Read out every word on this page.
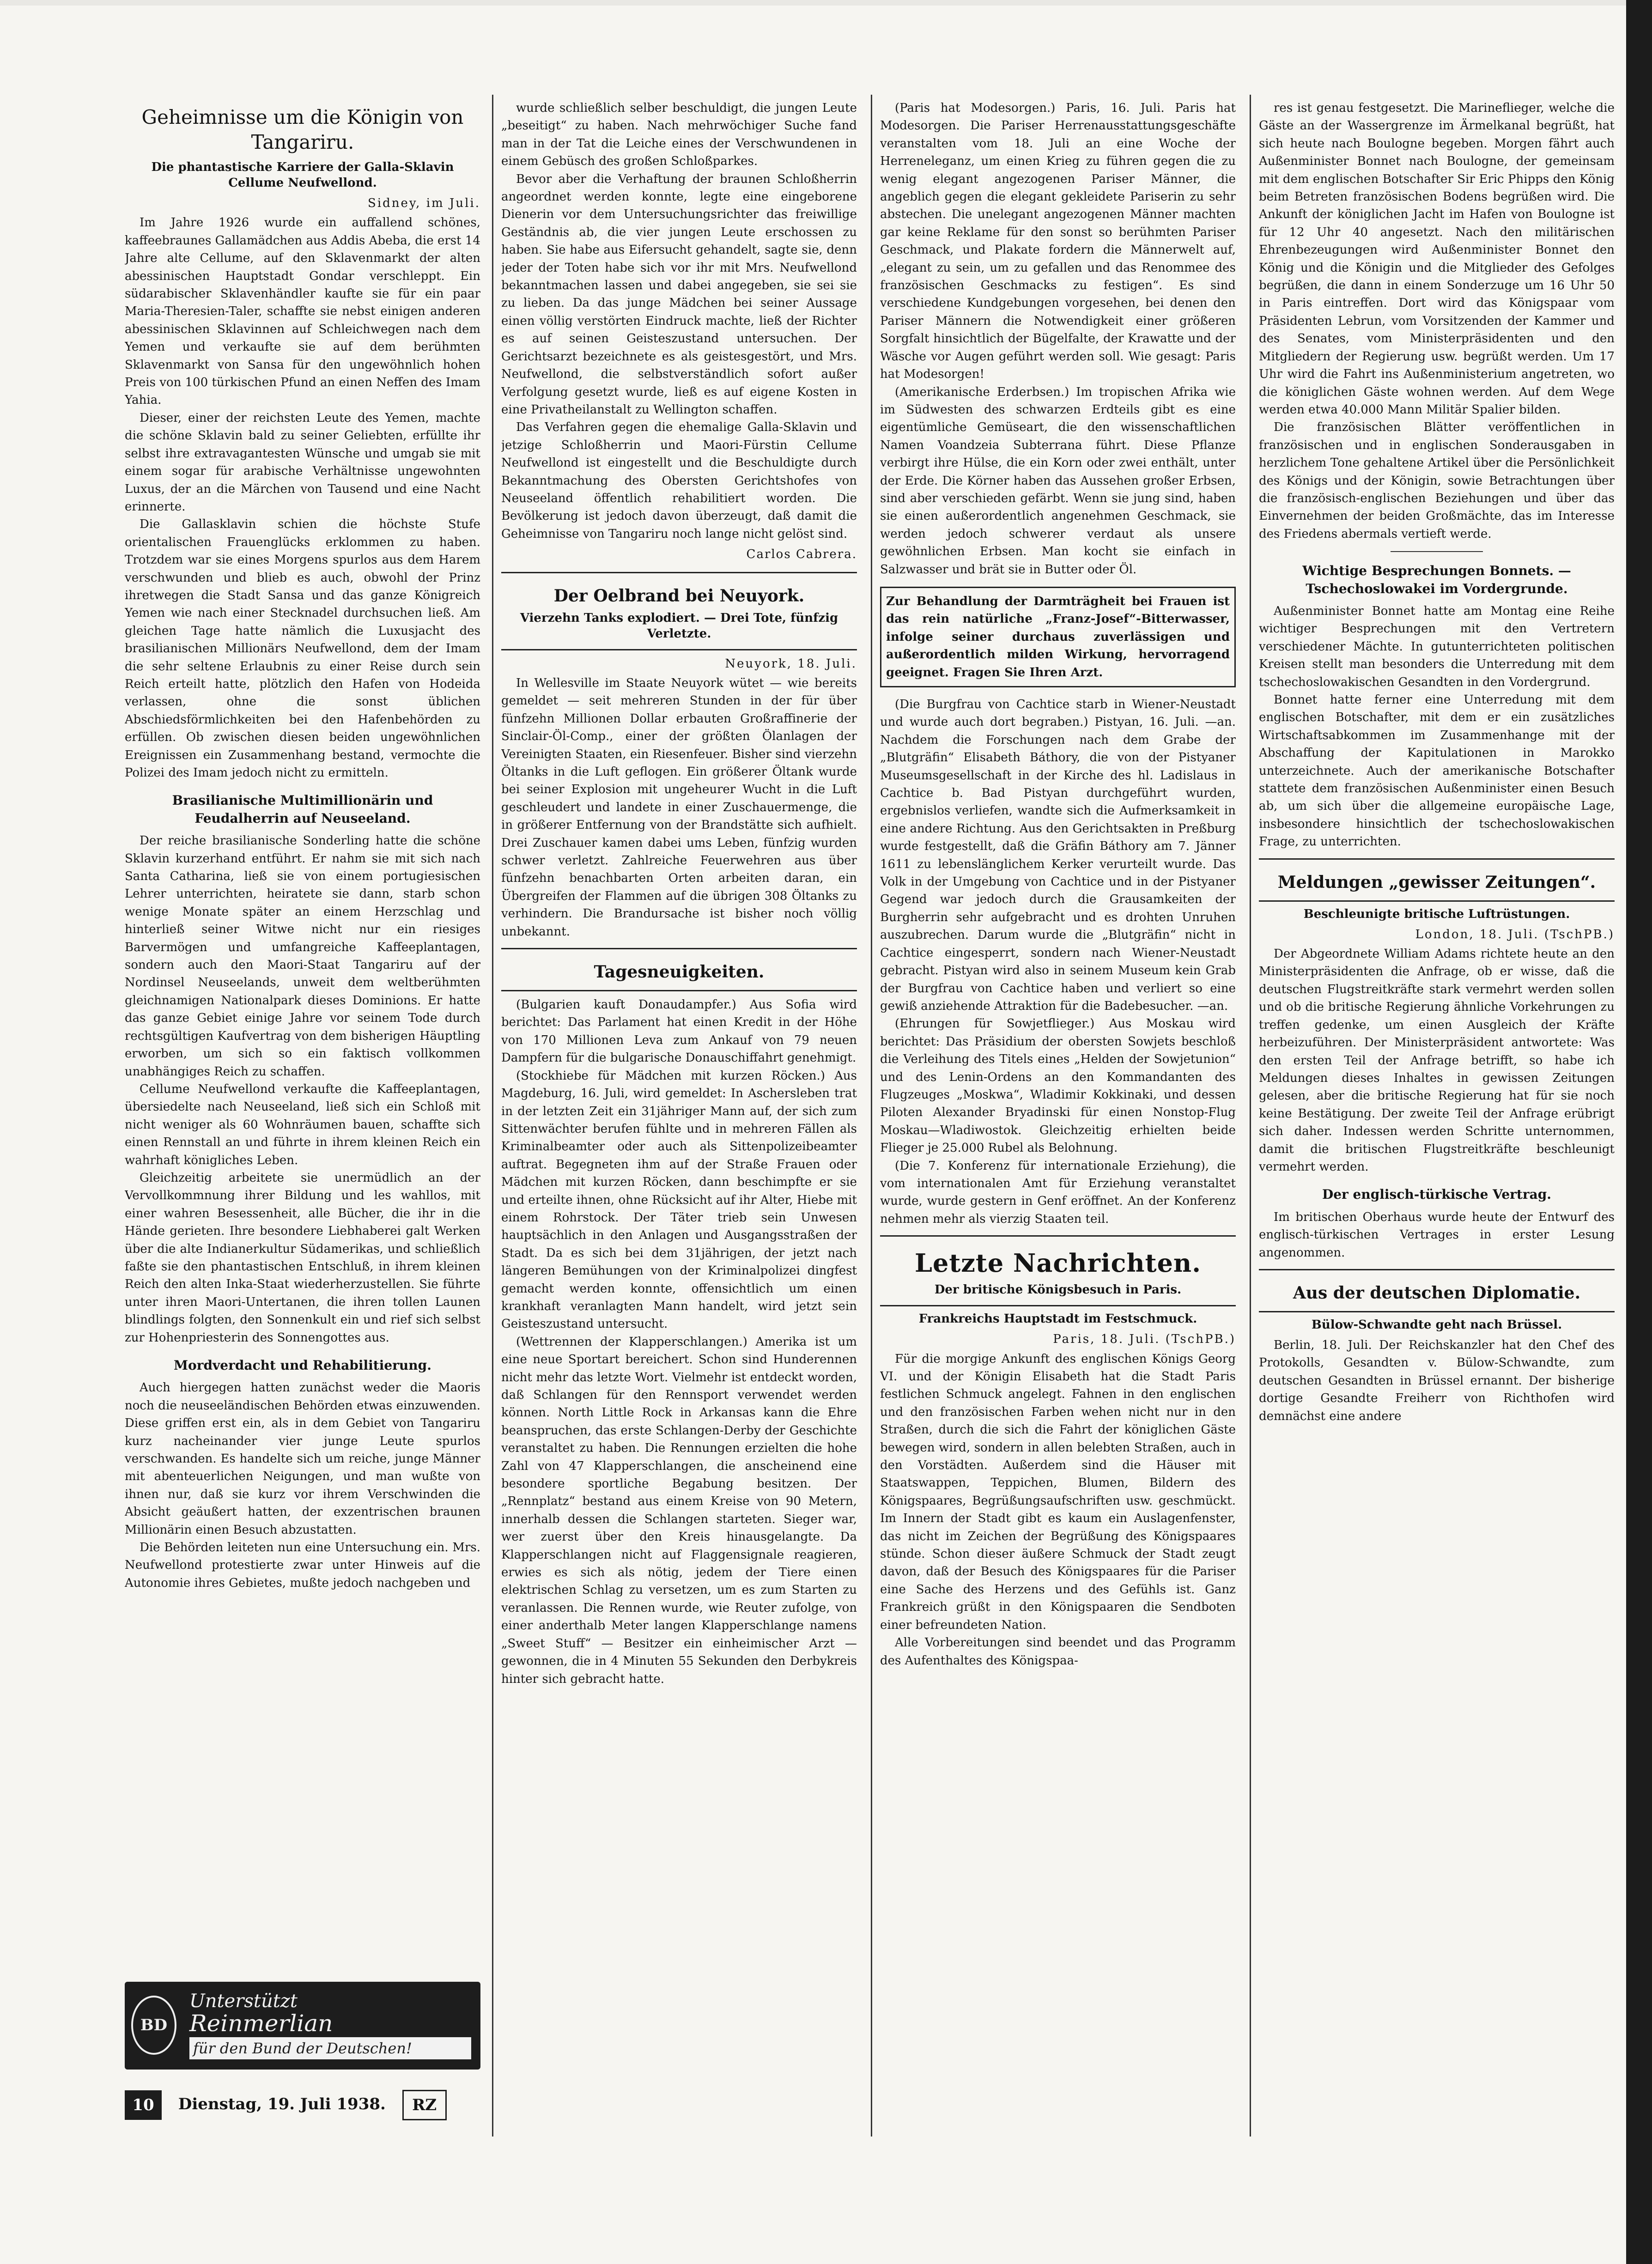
Geheimnisse um die Königin von Tangariru.
Die phantastische Karriere der Galla-Sklavin Cellume Neufwellond.
Sidney, im Juli.

Im Jahre 1926 wurde ein auffallend schönes, kaffeebraunes Gallamädchen aus Addis Abeba, die erst 14 Jahre alte Cellume, auf den Sklavenmarkt der alten abessinischen Hauptstadt Gondar verschleppt. Ein südarabischer Sklavenhändler kaufte sie für ein paar Maria-Theresien-Taler, schaffte sie nebst einigen anderen abessinischen Sklavinnen auf Schleichwegen nach dem Yemen und verkaufte sie auf dem berühmten Sklavenmarkt von Sansa für den ungewöhnlich hohen Preis von 100 türkischen Pfund an einen Neffen des Imam Yahia.

Dieser, einer der reichsten Leute des Yemen, machte die schöne Sklavin bald zu seiner Geliebten, erfüllte ihr selbst ihre extravagantesten Wünsche und umgab sie mit einem sogar für arabische Verhältnisse ungewohnten Luxus, der an die Märchen von Tausend und eine Nacht erinnerte.

Die Gallasklavin schien die höchste Stufe orientalischen Frauenglücks erklommen zu haben. Trotzdem war sie eines Morgens spurlos aus dem Harem verschwunden und blieb es auch, obwohl der Prinz ihretwegen die Stadt Sansa und das ganze Königreich Yemen wie nach einer Stecknadel durchsuchen ließ. Am gleichen Tage hatte nämlich die Luxusjacht des brasilianischen Millionärs Neufwellond, dem der Imam die sehr seltene Erlaubnis zu einer Reise durch sein Reich erteilt hatte, plötzlich den Hafen von Hodeida verlassen, ohne die sonst üblichen Abschiedsförmlichkeiten bei den Hafenbehörden zu erfüllen. Ob zwischen diesen beiden ungewöhnlichen Ereignissen ein Zusammenhang bestand, vermochte die Polizei des Imam jedoch nicht zu ermitteln.

Brasilianische Multimillionärin und Feudalherrin auf Neuseeland.

Der reiche brasilianische Sonderling hatte die schöne Sklavin kurzerhand entführt. Er nahm sie mit sich nach Santa Catharina, ließ sie von einem portugiesischen Lehrer unterrichten, heiratete sie dann, starb schon wenige Monate später an einem Herzschlag und hinterließ seiner Witwe nicht nur ein riesiges Barvermögen und umfangreiche Kaffeeplantagen, sondern auch den Maori-Staat Tangariru auf der Nordinsel Neuseelands, unweit dem weltberühmten gleichnamigen Nationalpark dieses Dominions. Er hatte das ganze Gebiet einige Jahre vor seinem Tode durch rechtsgültigen Kaufvertrag von dem bisherigen Häuptling erworben, um sich so ein faktisch vollkommen unabhängiges Reich zu schaffen.

Cellume Neufwellond verkaufte die Kaffeeplantagen, übersiedelte nach Neuseeland, ließ sich ein Schloß mit nicht weniger als 60 Wohnräumen bauen, schaffte sich einen Rennstall an und führte in ihrem kleinen Reich ein wahrhaft königliches Leben.

Gleichzeitig arbeitete sie unermüdlich an der Vervollkommnung ihrer Bildung und les wahllos, mit einer wahren Besessenheit, alle Bücher, die ihr in die Hände gerieten. Ihre besondere Liebhaberei galt Werken über die alte Indianerkultur Südamerikas, und schließlich faßte sie den phantastischen Entschluß, in ihrem kleinen Reich den alten Inka-Staat wiederherzustellen. Sie führte unter ihren Maori-Untertanen, die ihren tollen Launen blindlings folgten, den Sonnenkult ein und rief sich selbst zur Hohenpriesterin des Sonnengottes aus.

Mordverdacht und Rehabilitierung.

Auch hiergegen hatten zunächst weder die Maoris noch die neuseeländischen Behörden etwas einzuwenden. Diese griffen erst ein, als in dem Gebiet von Tangariru kurz nacheinander vier junge Leute spurlos verschwanden. Es handelte sich um reiche, junge Männer mit abenteuerlichen Neigungen, und man wußte von ihnen nur, daß sie kurz vor ihrem Verschwinden die Absicht geäußert hatten, der exzentrischen braunen Millionärin einen Besuch abzustatten.

Die Behörden leiteten nun eine Untersuchung ein. Mrs. Neufwellond protestierte zwar unter Hinweis auf die Autonomie ihres Gebietes, mußte jedoch nachgeben und

wurde schließlich selber beschuldigt, die jungen Leute „beseitigt“ zu haben. Nach mehrwöchiger Suche fand man in der Tat die Leiche eines der Verschwundenen in einem Gebüsch des großen Schloßparkes.

Bevor aber die Verhaftung der braunen Schloßherrin angeordnet werden konnte, legte eine eingeborene Dienerin vor dem Untersuchungsrichter das freiwillige Geständnis ab, die vier jungen Leute erschossen zu haben. Sie habe aus Eifersucht gehandelt, sagte sie, denn jeder der Toten habe sich vor ihr mit Mrs. Neufwellond bekanntmachen lassen und dabei angegeben, sie sei sie zu lieben. Da das junge Mädchen bei seiner Aussage einen völlig verstörten Eindruck machte, ließ der Richter es auf seinen Geisteszustand untersuchen. Der Gerichtsarzt bezeichnete es als geistesgestört, und Mrs. Neufwellond, die selbstverständlich sofort außer Verfolgung gesetzt wurde, ließ es auf eigene Kosten in eine Privatheilanstalt zu Wellington schaffen.

Das Verfahren gegen die ehemalige Galla-Sklavin und jetzige Schloßherrin und Maori-Fürstin Cellume Neufwellond ist eingestellt und die Beschuldigte durch Bekanntmachung des Obersten Gerichtshofes von Neuseeland öffentlich rehabilitiert worden. Die Bevölkerung ist jedoch davon überzeugt, daß damit die Geheimnisse von Tangariru noch lange nicht gelöst sind.

Carlos Cabrera.
Der Oelbrand bei Neuyork.
Vierzehn Tanks explodiert. — Drei Tote, fünfzig Verletzte.
Neuyork, 18. Juli.

In Wellesville im Staate Neuyork wütet — wie bereits gemeldet — seit mehreren Stunden in der für über fünfzehn Millionen Dollar erbauten Großraffinerie der Sinclair-Öl-Comp., einer der größten Ölanlagen der Vereinigten Staaten, ein Riesenfeuer. Bisher sind vierzehn Öltanks in die Luft geflogen. Ein größerer Öltank wurde bei seiner Explosion mit ungeheurer Wucht in die Luft geschleudert und landete in einer Zuschauermenge, die in größerer Entfernung von der Brandstätte sich aufhielt. Drei Zuschauer kamen dabei ums Leben, fünfzig wurden schwer verletzt. Zahlreiche Feuerwehren aus über fünfzehn benachbarten Orten arbeiten daran, ein Übergreifen der Flammen auf die übrigen 308 Öltanks zu verhindern. Die Brandursache ist bisher noch völlig unbekannt.

Tagesneuigkeiten.

(Bulgarien kauft Donaudampfer.) Aus Sofia wird berichtet: Das Parlament hat einen Kredit in der Höhe von 170 Millionen Leva zum Ankauf von 79 neuen Dampfern für die bulgarische Donauschiffahrt genehmigt.

(Stockhiebe für Mädchen mit kurzen Röcken.) Aus Magdeburg, 16. Juli, wird gemeldet: In Aschersleben trat in der letzten Zeit ein 31jähriger Mann auf, der sich zum Sittenwächter berufen fühlte und in mehreren Fällen als Kriminalbeamter oder auch als Sittenpolizeibeamter auftrat. Begegneten ihm auf der Straße Frauen oder Mädchen mit kurzen Röcken, dann beschimpfte er sie und erteilte ihnen, ohne Rücksicht auf ihr Alter, Hiebe mit einem Rohrstock. Der Täter trieb sein Unwesen hauptsächlich in den Anlagen und Ausgangsstraßen der Stadt. Da es sich bei dem 31jährigen, der jetzt nach längeren Bemühungen von der Kriminalpolizei dingfest gemacht werden konnte, offensichtlich um einen krankhaft veranlagten Mann handelt, wird jetzt sein Geisteszustand untersucht.

(Wettrennen der Klapperschlangen.) Amerika ist um eine neue Sportart bereichert. Schon sind Hunderennen nicht mehr das letzte Wort. Vielmehr ist entdeckt worden, daß Schlangen für den Rennsport verwendet werden können. North Little Rock in Arkansas kann die Ehre beanspruchen, das erste Schlangen-Derby der Geschichte veranstaltet zu haben. Die Rennungen erzielten die hohe Zahl von 47 Klapperschlangen, die anscheinend eine besondere sportliche Begabung besitzen. Der „Rennplatz“ bestand aus einem Kreise von 90 Metern, innerhalb dessen die Schlangen starteten. Sieger war, wer zuerst über den Kreis hinausgelangte. Da Klapperschlangen nicht auf Flaggensignale reagieren, erwies es sich als nötig, jedem der Tiere einen elektrischen Schlag zu versetzen, um es zum Starten zu veranlassen. Die Rennen wurde, wie Reuter zufolge, von einer anderthalb Meter langen Klapperschlange namens „Sweet Stuff“ — Besitzer ein einheimischer Arzt — gewonnen, die in 4 Minuten 55 Sekunden den Derbykreis hinter sich gebracht hatte.

(Paris hat Modesorgen.) Paris, 16. Juli. Paris hat Modesorgen. Die Pariser Herrenausstattungsgeschäfte veranstalten vom 18. Juli an eine Woche der Herreneleganz, um einen Krieg zu führen gegen die zu wenig elegant angezogenen Pariser Männer, die angeblich gegen die elegant gekleidete Pariserin zu sehr abstechen. Die unelegant angezogenen Männer machten gar keine Reklame für den sonst so berühmten Pariser Geschmack, und Plakate fordern die Männerwelt auf, „elegant zu sein, um zu gefallen und das Renommee des französischen Geschmacks zu festigen“. Es sind verschiedene Kundgebungen vorgesehen, bei denen den Pariser Männern die Notwendigkeit einer größeren Sorgfalt hinsichtlich der Bügelfalte, der Krawatte und der Wäsche vor Augen geführt werden soll. Wie gesagt: Paris hat Modesorgen!

(Amerikanische Erderbsen.) Im tropischen Afrika wie im Südwesten des schwarzen Erdteils gibt es eine eigentümliche Gemüseart, die den wissenschaftlichen Namen Voandzeia Subterrana führt. Diese Pflanze verbirgt ihre Hülse, die ein Korn oder zwei enthält, unter der Erde. Die Körner haben das Aussehen großer Erbsen, sind aber verschieden gefärbt. Wenn sie jung sind, haben sie einen außerordentlich angenehmen Geschmack, sie werden jedoch schwerer verdaut als unsere gewöhnlichen Erbsen. Man kocht sie einfach in Salzwasser und brät sie in Butter oder Öl.

Zur Behandlung der Darmträgheit bei Frauen ist das rein natürliche „Franz-Josef“-Bitterwasser, infolge seiner durchaus zuverlässigen und außerordentlich milden Wirkung, hervorragend geeignet. Fragen Sie Ihren Arzt.

(Die Burgfrau von Cachtice starb in Wiener-Neustadt und wurde auch dort begraben.) Pistyan, 16. Juli. —an. Nachdem die Forschungen nach dem Grabe der „Blutgräfin“ Elisabeth Báthory, die von der Pistyaner Museumsgesellschaft in der Kirche des hl. Ladislaus in Cachtice b. Bad Pistyan durchgeführt wurden, ergebnislos verliefen, wandte sich die Aufmerksamkeit in eine andere Richtung. Aus den Gerichtsakten in Preßburg wurde festgestellt, daß die Gräfin Báthory am 7. Jänner 1611 zu lebenslänglichem Kerker verurteilt wurde. Das Volk in der Umgebung von Cachtice und in der Pistyaner Gegend war jedoch durch die Grausamkeiten der Burgherrin sehr aufgebracht und es drohten Unruhen auszubrechen. Darum wurde die „Blutgräfin“ nicht in Cachtice eingesperrt, sondern nach Wiener-Neustadt gebracht. Pistyan wird also in seinem Museum kein Grab der Burgfrau von Cachtice haben und verliert so eine gewiß anziehende Attraktion für die Badebesucher. —an.

(Ehrungen für Sowjetflieger.) Aus Moskau wird berichtet: Das Präsidium der obersten Sowjets beschloß die Verleihung des Titels eines „Helden der Sowjetunion“ und des Lenin-Ordens an den Kommandanten des Flugzeuges „Moskwa“, Wladimir Kokkinaki, und dessen Piloten Alexander Bryadinski für einen Nonstop-Flug Moskau—Wladiwostok. Gleichzeitig erhielten beide Flieger je 25.000 Rubel als Belohnung.

(Die 7. Konferenz für internationale Erziehung), die vom internationalen Amt für Erziehung veranstaltet wurde, wurde gestern in Genf eröffnet. An der Konferenz nehmen mehr als vierzig Staaten teil.

Letzte Nachrichten.
Der britische Königsbesuch in Paris.
Frankreichs Hauptstadt im Festschmuck.
Paris, 18. Juli. (TschPB.)

Für die morgige Ankunft des englischen Königs Georg VI. und der Königin Elisabeth hat die Stadt Paris festlichen Schmuck angelegt. Fahnen in den englischen und den französischen Farben wehen nicht nur in den Straßen, durch die sich die Fahrt der königlichen Gäste bewegen wird, sondern in allen belebten Straßen, auch in den Vorstädten. Außerdem sind die Häuser mit Staatswappen, Teppichen, Blumen, Bildern des Königspaares, Begrüßungsaufschriften usw. geschmückt. Im Innern der Stadt gibt es kaum ein Auslagenfenster, das nicht im Zeichen der Begrüßung des Königspaares stünde. Schon dieser äußere Schmuck der Stadt zeugt davon, daß der Besuch des Königspaares für die Pariser eine Sache des Herzens und des Gefühls ist. Ganz Frankreich grüßt in den Königspaaren die Sendboten einer befreundeten Nation.

Alle Vorbereitungen sind beendet und das Programm des Aufenthaltes des Königspaa-

res ist genau festgesetzt. Die Marineflieger, welche die Gäste an der Wassergrenze im Ärmelkanal begrüßt, hat sich heute nach Boulogne begeben. Morgen fährt auch Außenminister Bonnet nach Boulogne, der gemeinsam mit dem englischen Botschafter Sir Eric Phipps den König beim Betreten französischen Bodens begrüßen wird. Die Ankunft der königlichen Jacht im Hafen von Boulogne ist für 12 Uhr 40 angesetzt. Nach den militärischen Ehrenbezeugungen wird Außenminister Bonnet den König und die Königin und die Mitglieder des Gefolges begrüßen, die dann in einem Sonderzuge um 16 Uhr 50 in Paris eintreffen. Dort wird das Königspaar vom Präsidenten Lebrun, vom Vorsitzenden der Kammer und des Senates, vom Ministerpräsidenten und den Mitgliedern der Regierung usw. begrüßt werden. Um 17 Uhr wird die Fahrt ins Außenministerium angetreten, wo die königlichen Gäste wohnen werden. Auf dem Wege werden etwa 40.000 Mann Militär Spalier bilden.

Die französischen Blätter veröffentlichen in französischen und in englischen Sonderausgaben in herzlichem Tone gehaltene Artikel über die Persönlichkeit des Königs und der Königin, sowie Betrachtungen über die französisch-englischen Beziehungen und über das Einvernehmen der beiden Großmächte, das im Interesse des Friedens abermals vertieft werde.

Wichtige Besprechungen Bonnets. — Tschechoslowakei im Vordergrunde.

Außenminister Bonnet hatte am Montag eine Reihe wichtiger Besprechungen mit den Vertretern verschiedener Mächte. In gutunterrichteten politischen Kreisen stellt man besonders die Unterredung mit dem tschechoslowakischen Gesandten in den Vordergrund.

Bonnet hatte ferner eine Unterredung mit dem englischen Botschafter, mit dem er ein zusätzliches Wirtschaftsabkommen im Zusammenhange mit der Abschaffung der Kapitulationen in Marokko unterzeichnete. Auch der amerikanische Botschafter stattete dem französischen Außenminister einen Besuch ab, um sich über die allgemeine europäische Lage, insbesondere hinsichtlich der tschechoslowakischen Frage, zu unterrichten.

Meldungen „gewisser Zeitungen“.
Beschleunigte britische Luftrüstungen.
London, 18. Juli. (TschPB.)

Der Abgeordnete William Adams richtete heute an den Ministerpräsidenten die Anfrage, ob er wisse, daß die deutschen Flugstreitkräfte stark vermehrt werden sollen und ob die britische Regierung ähnliche Vorkehrungen zu treffen gedenke, um einen Ausgleich der Kräfte herbeizuführen. Der Ministerpräsident antwortete: Was den ersten Teil der Anfrage betrifft, so habe ich Meldungen dieses Inhaltes in gewissen Zeitungen gelesen, aber die britische Regierung hat für sie noch keine Bestätigung. Der zweite Teil der Anfrage erübrigt sich daher. Indessen werden Schritte unternommen, damit die britischen Flugstreitkräfte beschleunigt vermehrt werden.

Der englisch-türkische Vertrag.

Im britischen Oberhaus wurde heute der Entwurf des englisch-türkischen Vertrages in erster Lesung angenommen.

Aus der deutschen Diplomatie.
Bülow-Schwandte geht nach Brüssel.

Berlin, 18. Juli. Der Reichskanzler hat den Chef des Protokolls, Gesandten v. Bülow-Schwandte, zum deutschen Gesandten in Brüssel ernannt. Der bisherige dortige Gesandte Freiherr von Richthofen wird demnächst eine andere

BD
Unterstützt
Reinmerlian
für den Bund der Deutschen!
10 Dienstag, 19. Juli 1938. RZ
